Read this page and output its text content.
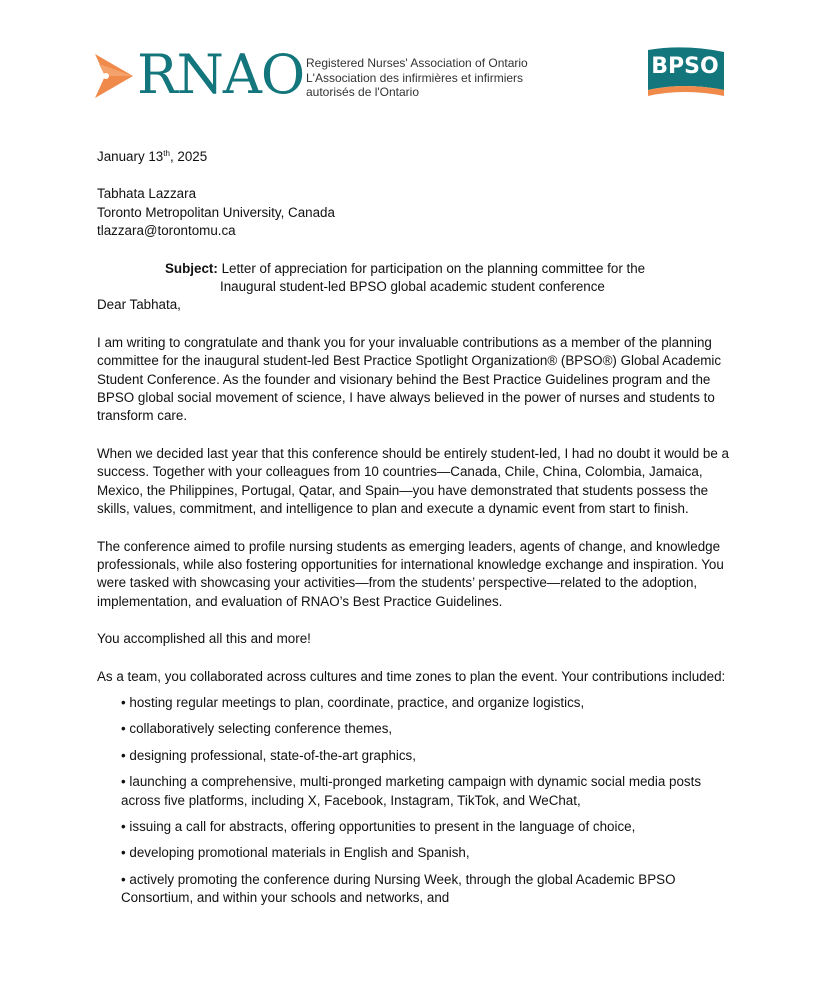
RNAO Registered Nurses' Association of Ontario
L'Association des infirmières et infirmiers
autorisés de l'Ontario
BPSO

January 13th, 2025

Tabhata Lazzara

Toronto Metropolitan University, Canada

tlazzara@torontomu.ca

Subject: Letter of appreciation for participation on the planning committee for the

Inaugural student-led BPSO global academic student conference

Dear Tabhata,

I am writing to congratulate and thank you for your invaluable contributions as a member of the planning committee for the inaugural student-led Best Practice Spotlight Organization® (BPSO®) Global Academic Student Conference. As the founder and visionary behind the Best Practice Guidelines program and the BPSO global social movement of science, I have always believed in the power of nurses and students to transform care.

When we decided last year that this conference should be entirely student-led, I had no doubt it would be a success. Together with your colleagues from 10 countries—Canada, Chile, China, Colombia, Jamaica, Mexico, the Philippines, Portugal, Qatar, and Spain—you have demonstrated that students possess the skills, values, commitment, and intelligence to plan and execute a dynamic event from start to finish.

The conference aimed to profile nursing students as emerging leaders, agents of change, and knowledge professionals, while also fostering opportunities for international knowledge exchange and inspiration. You were tasked with showcasing your activities—from the students’ perspective—related to the adoption, implementation, and evaluation of RNAO’s Best Practice Guidelines.

You accomplished all this and more!

As a team, you collaborated across cultures and time zones to plan the event. Your contributions included:

• hosting regular meetings to plan, coordinate, practice, and organize logistics,

• collaboratively selecting conference themes,

• designing professional, state-of-the-art graphics,

• launching a comprehensive, multi-pronged marketing campaign with dynamic social media posts across five platforms, including X, Facebook, Instagram, TikTok, and WeChat,

• issuing a call for abstracts, offering opportunities to present in the language of choice,

• developing promotional materials in English and Spanish,

• actively promoting the conference during Nursing Week, through the global Academic BPSO Consortium, and within your schools and networks, and
